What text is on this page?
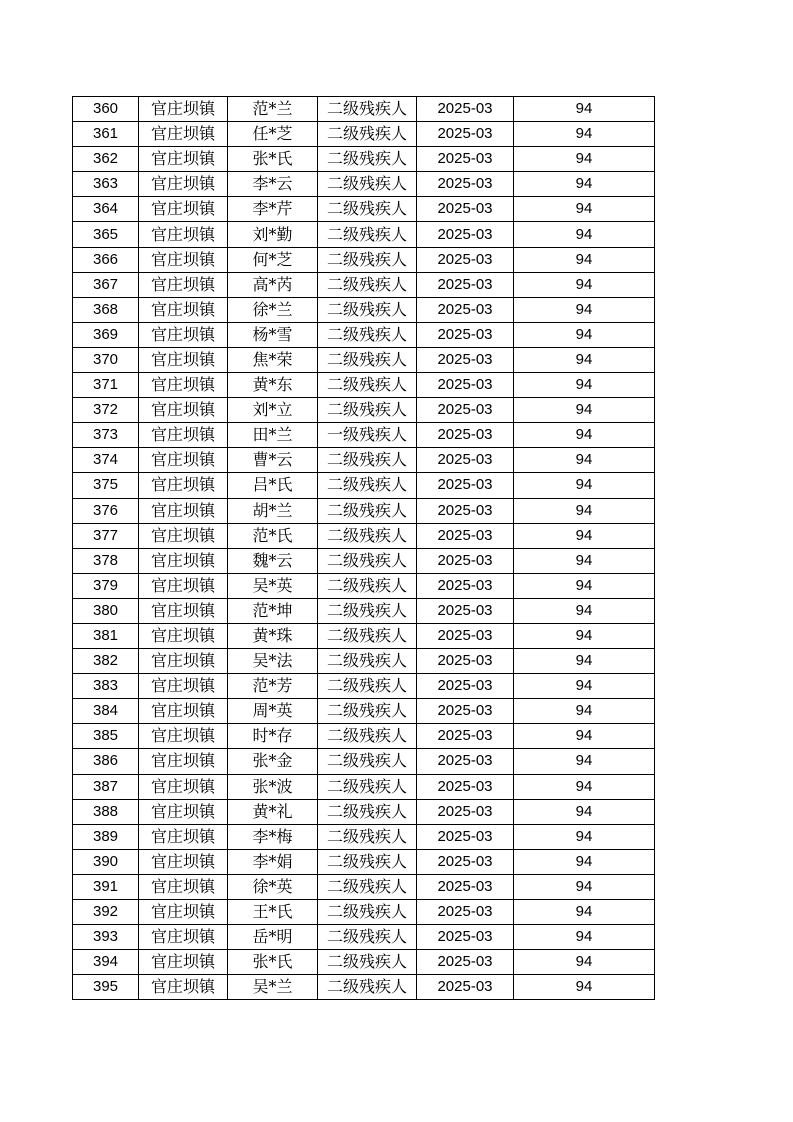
360	官庄坝镇	范*兰	二级残疾人	2025-03	94
361	官庄坝镇	任*芝	二级残疾人	2025-03	94
362	官庄坝镇	张*氏	二级残疾人	2025-03	94
363	官庄坝镇	李*云	二级残疾人	2025-03	94
364	官庄坝镇	李*芹	二级残疾人	2025-03	94
365	官庄坝镇	刘*勤	二级残疾人	2025-03	94
366	官庄坝镇	何*芝	二级残疾人	2025-03	94
367	官庄坝镇	高*芮	二级残疾人	2025-03	94
368	官庄坝镇	徐*兰	二级残疾人	2025-03	94
369	官庄坝镇	杨*雪	二级残疾人	2025-03	94
370	官庄坝镇	焦*荣	二级残疾人	2025-03	94
371	官庄坝镇	黄*东	二级残疾人	2025-03	94
372	官庄坝镇	刘*立	二级残疾人	2025-03	94
373	官庄坝镇	田*兰	一级残疾人	2025-03	94
374	官庄坝镇	曹*云	二级残疾人	2025-03	94
375	官庄坝镇	吕*氏	二级残疾人	2025-03	94
376	官庄坝镇	胡*兰	二级残疾人	2025-03	94
377	官庄坝镇	范*氏	二级残疾人	2025-03	94
378	官庄坝镇	魏*云	二级残疾人	2025-03	94
379	官庄坝镇	吴*英	二级残疾人	2025-03	94
380	官庄坝镇	范*坤	二级残疾人	2025-03	94
381	官庄坝镇	黄*珠	二级残疾人	2025-03	94
382	官庄坝镇	吴*法	二级残疾人	2025-03	94
383	官庄坝镇	范*芳	二级残疾人	2025-03	94
384	官庄坝镇	周*英	二级残疾人	2025-03	94
385	官庄坝镇	时*存	二级残疾人	2025-03	94
386	官庄坝镇	张*金	二级残疾人	2025-03	94
387	官庄坝镇	张*波	二级残疾人	2025-03	94
388	官庄坝镇	黄*礼	二级残疾人	2025-03	94
389	官庄坝镇	李*梅	二级残疾人	2025-03	94
390	官庄坝镇	李*娟	二级残疾人	2025-03	94
391	官庄坝镇	徐*英	二级残疾人	2025-03	94
392	官庄坝镇	王*氏	二级残疾人	2025-03	94
393	官庄坝镇	岳*明	二级残疾人	2025-03	94
394	官庄坝镇	张*氏	二级残疾人	2025-03	94
395	官庄坝镇	吴*兰	二级残疾人	2025-03	94
